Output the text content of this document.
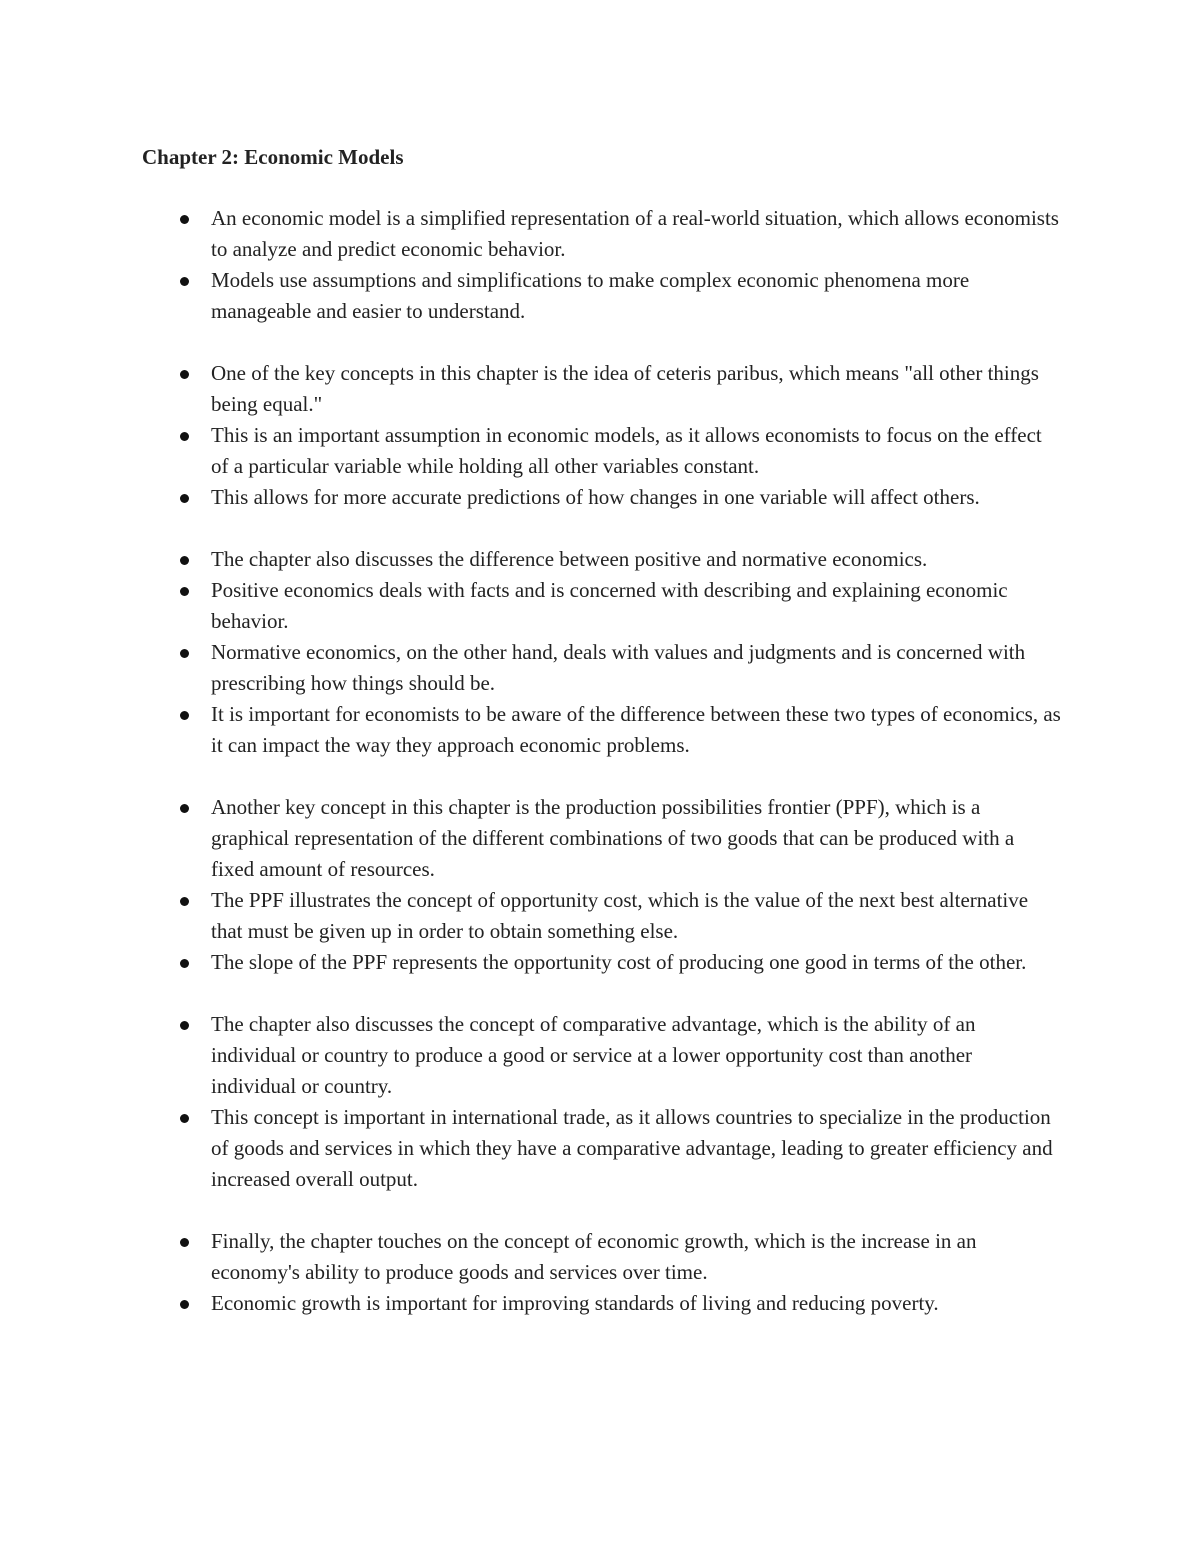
Chapter 2: Economic Models
An economic model is a simplified representation of a real-world situation, which allows economists to analyze and predict economic behavior.
Models use assumptions and simplifications to make complex economic phenomena more manageable and easier to understand.
One of the key concepts in this chapter is the idea of ceteris paribus, which means "all other things being equal."
This is an important assumption in economic models, as it allows economists to focus on the effect of a particular variable while holding all other variables constant.
This allows for more accurate predictions of how changes in one variable will affect others.
The chapter also discusses the difference between positive and normative economics.
Positive economics deals with facts and is concerned with describing and explaining economic behavior.
Normative economics, on the other hand, deals with values and judgments and is concerned with prescribing how things should be.
It is important for economists to be aware of the difference between these two types of economics, as it can impact the way they approach economic problems.
Another key concept in this chapter is the production possibilities frontier (PPF), which is a graphical representation of the different combinations of two goods that can be produced with a fixed amount of resources.
The PPF illustrates the concept of opportunity cost, which is the value of the next best alternative that must be given up in order to obtain something else.
The slope of the PPF represents the opportunity cost of producing one good in terms of the other.
The chapter also discusses the concept of comparative advantage, which is the ability of an individual or country to produce a good or service at a lower opportunity cost than another individual or country.
This concept is important in international trade, as it allows countries to specialize in the production of goods and services in which they have a comparative advantage, leading to greater efficiency and increased overall output.
Finally, the chapter touches on the concept of economic growth, which is the increase in an economy's ability to produce goods and services over time.
Economic growth is important for improving standards of living and reducing poverty.
